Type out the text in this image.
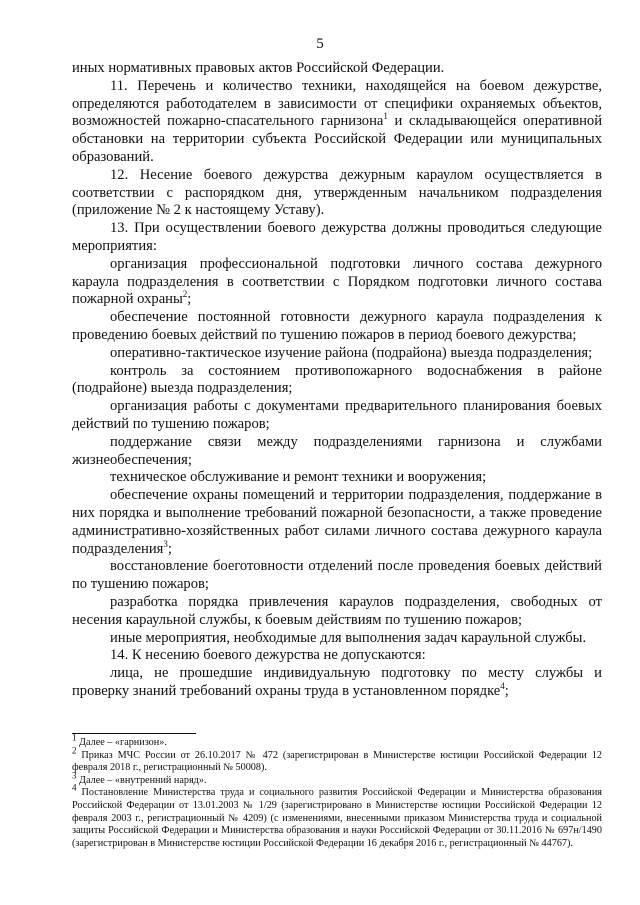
5

иных нормативных правовых актов Российской Федерации.

11. Перечень и количество техники, находящейся на боевом дежурстве, определяются работодателем в зависимости от специфики охраняемых объектов, возможностей пожарно-спасательного гарнизона$^1$ и складывающейся оперативной обстановки на территории субъекта Российской Федерации или муниципальных образований.

12. Несение боевого дежурства дежурным караулом осуществляется в соответствии с распорядком дня, утвержденным начальником подразделения (приложение № 2 к настоящему Уставу).

13. При осуществлении боевого дежурства должны проводиться следующие мероприятия:

организация профессиональной подготовки личного состава дежурного караула подразделения в соответствии с Порядком подготовки личного состава пожарной охраны$^2$;

обеспечение постоянной готовности дежурного караула подразделения к проведению боевых действий по тушению пожаров в период боевого дежурства;

оперативно-тактическое изучение района (подрайона) выезда подразделения;

контроль за состоянием противопожарного водоснабжения в районе (подрайоне) выезда подразделения;

организация работы с документами предварительного планирования боевых действий по тушению пожаров;

поддержание связи между подразделениями гарнизона и службами жизнеобеспечения;

техническое обслуживание и ремонт техники и вооружения;

обеспечение охраны помещений и территории подразделения, поддержание в них порядка и выполнение требований пожарной безопасности, а также проведение административно-хозяйственных работ силами личного состава дежурного караула подразделения$^3$;

восстановление боеготовности отделений после проведения боевых действий по тушению пожаров;

разработка порядка привлечения караулов подразделения, свободных от несения караульной службы, к боевым действиям по тушению пожаров;

иные мероприятия, необходимые для выполнения задач караульной службы.

14. К несению боевого дежурства не допускаются:

лица, не прошедшие индивидуальную подготовку по месту службы и проверку знаний требований охраны труда в установленном порядке$^4$;

$^1$ Далее – «гарнизон».

$^2$ Приказ МЧС России от 26.10.2017 № 472 (зарегистрирован в Министерстве юстиции Российской Федерации 12 февраля 2018 г., регистрационный № 50008).

$^3$ Далее – «внутренний наряд».

$^4$ Постановление Министерства труда и социального развития Российской Федерации и Министерства образования Российской Федерации от 13.01.2003 № 1/29 (зарегистрировано в Министерстве юстиции Российской Федерации 12 февраля 2003 г., регистрационный № 4209) (с изменениями, внесенными приказом Министерства труда и социальной защиты Российской Федерации и Министерства образования и науки Российской Федерации от 30.11.2016 № 697н/1490 (зарегистрирован в Министерстве юстиции Российской Федерации 16 декабря 2016 г., регистрационный № 44767).
